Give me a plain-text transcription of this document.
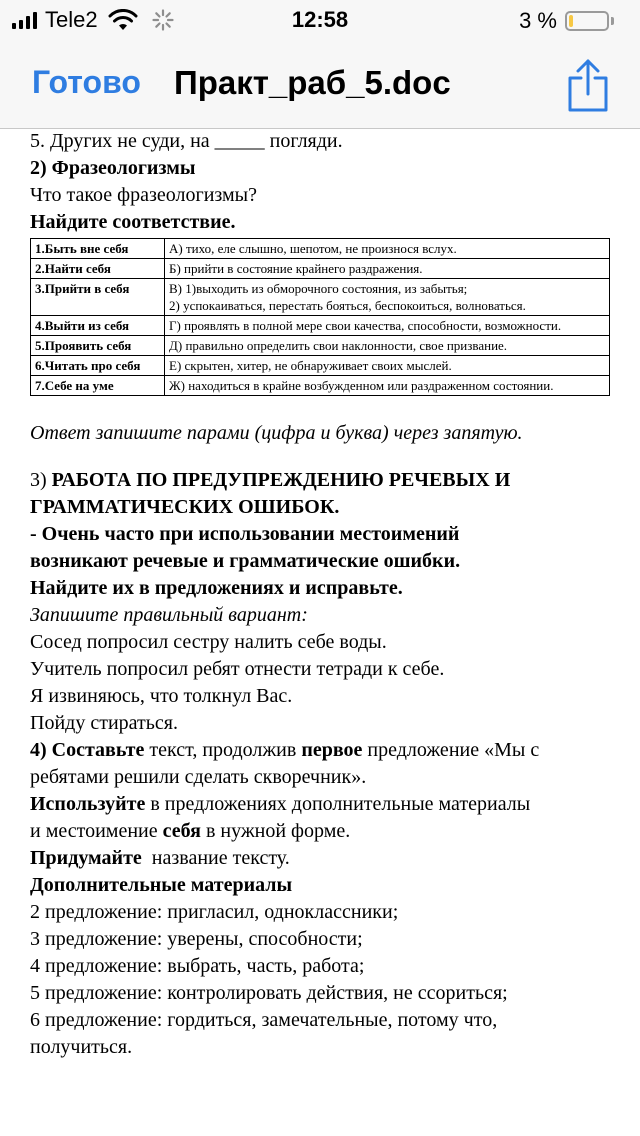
Tele2	12:58	3 %
Готово Практ_раб_5.doc
5. Других не суди, на _____ погляди.
2) Фразеологизмы
Что такое фразеологизмы?
Найдите соответствие.
1.Быть вне себя	А) тихо, еле слышно, шепотом, не произнося вслух.
2.Найти себя	Б) прийти в состояние крайнего раздражения.
3.Прийти в себя	В) 1)выходить из обморочного состояния, из забытья;
2) успокаиваться, перестать бояться, беспокоиться, волноваться.
4.Выйти из себя	Г) проявлять в полной мере свои качества, способности, возможности.
5.Проявить себя	Д) правильно определить свои наклонности, свое призвание.
6.Читать про себя	Е) скрытен, хитер, не обнаруживает своих мыслей.
7.Себе на уме	Ж) находиться в крайне возбужденном или раздраженном состоянии.
Ответ запишите парами (цифра и буква) через запятую.
3) РАБОТА ПО ПРЕДУПРЕЖДЕНИЮ РЕЧЕВЫХ И
ГРАММАТИЧЕСКИХ ОШИБОК.
- Очень часто при использовании местоимений
возникают речевые и грамматические ошибки.
Найдите их в предложениях и исправьте.
Запишите правильный вариант:
Сосед попросил сестру налить себе воды.
Учитель попросил ребят отнести тетради к себе.
Я извиняюсь, что толкнул Вас.
Пойду стираться.
4) Составьте текст, продолжив первое предложение «Мы с
ребятами решили сделать скворечник».
Используйте в предложениях дополнительные материалы
и местоимение себя в нужной форме.
Придумайте  название тексту.
Дополнительные материалы
2 предложение: пригласил, одноклассники;
3 предложение: уверены, способности;
4 предложение: выбрать, часть, работа;
5 предложение: контролировать действия, не ссориться;
6 предложение: гордиться, замечательные, потому что,
получиться.
